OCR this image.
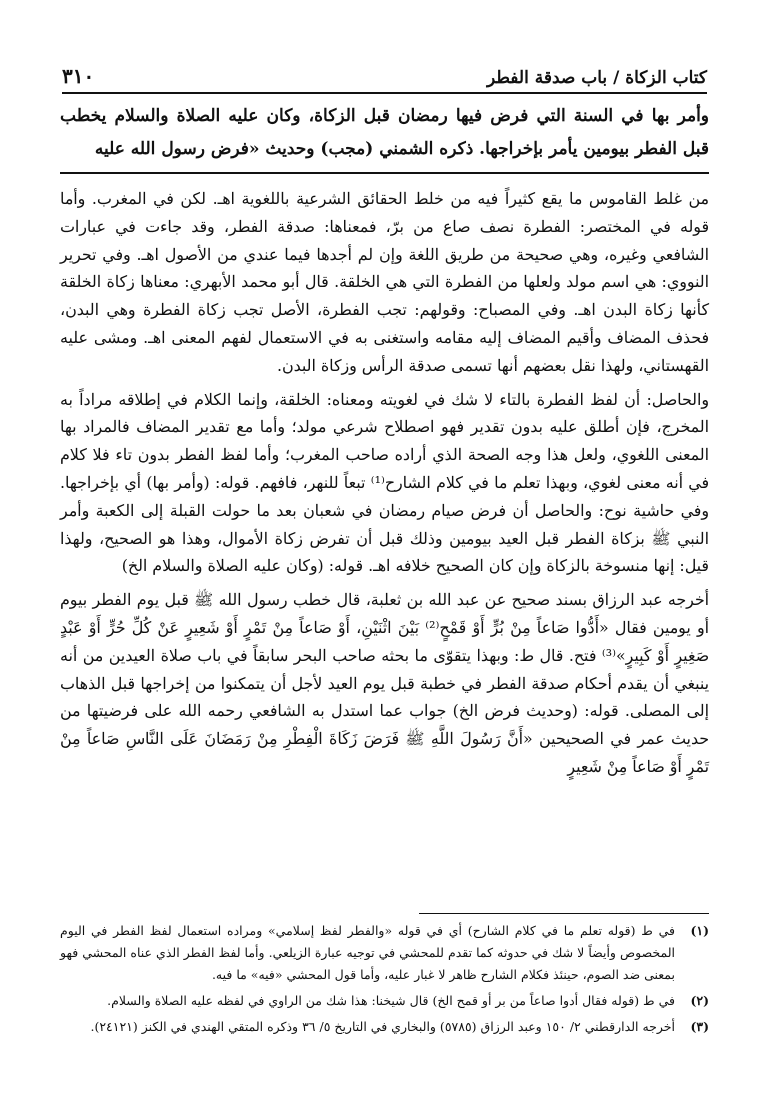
كتاب الزكاة / باب صدقة الفطر
٣١٠
وأمر بها في السنة التي فرض فيها رمضان قبل الزكاة، وكان عليه الصلاة والسلام يخطب قبل الفطر بيومين يأمر بإخراجها. ذكره الشمني (مجب) وحديث «فرض رسول الله عليه

من غلط القاموس ما يقع كثيراً فيه من خلط الحقائق الشرعية باللغوية اهـ. لكن في المغرب. وأما قوله في المختصر: الفطرة نصف صاع من برّ، فمعناها: صدقة الفطر، وقد جاءت في عبارات الشافعي وغيره، وهي صحيحة من طريق اللغة وإن لم أجدها فيما عندي من الأصول اهـ. وفي تحرير النووي: هي اسم مولد ولعلها من الفطرة التي هي الخلقة. قال أبو محمد الأبهري: معناها زكاة الخلقة كأنها زكاة البدن اهـ. وفي المصباح: وقولهم: تجب الفطرة، الأصل تجب زكاة الفطرة وهي البدن، فحذف المضاف وأقيم المضاف إليه مقامه واستغنى به في الاستعمال لفهم المعنى اهـ. ومشى عليه القهستاني، ولهذا نقل بعضهم أنها تسمى صدقة الرأس وزكاة البدن.

والحاصل: أن لفظ الفطرة بالتاء لا شك في لغويته ومعناه: الخلقة، وإنما الكلام في إطلاقه مراداً به المخرج، فإن أطلق عليه بدون تقدير فهو اصطلاح شرعي مولد؛ وأما مع تقدير المضاف فالمراد بها المعنى اللغوي، ولعل هذا وجه الصحة الذي أراده صاحب المغرب؛ وأما لفظ الفطر بدون تاء فلا كلام في أنه معنى لغوي، وبهذا تعلم ما في كلام الشارح⁽¹⁾ تبعاً للنهر، فافهم. قوله: (وأمر بها) أي بإخراجها. وفي حاشية نوح: والحاصل أن فرض صيام رمضان في شعبان بعد ما حولت القبلة إلى الكعبة وأمر النبي ﷺ بزكاة الفطر قبل العيد بيومين وذلك قبل أن تفرض زكاة الأموال، وهذا هو الصحيح، ولهذا قيل: إنها منسوخة بالزكاة وإن كان الصحيح خلافه اهـ. قوله: (وكان عليه الصلاة والسلام الخ)

أخرجه عبد الرزاق بسند صحيح عن عبد الله بن ثعلبة، قال خطب رسول الله ﷺ قبل يوم الفطر بيوم أو يومين فقال «أَدُّوا صَاعاً مِنْ بُرٍّ أَوْ قَمْحٍ⁽²⁾ بَيْنَ اثْنَيْنِ، أَوْ صَاعاً مِنْ تَمْرٍ أَوْ شَعِيرٍ عَنْ كُلِّ حُرٍّ أَوْ عَبْدٍ صَغِيرٍ أَوْ كَبِيرٍ»⁽³⁾ فتح. قال ط: وبهذا يتقوّى ما بحثه صاحب البحر سابقاً في باب صلاة العيدين من أنه ينبغي أن يقدم أحكام صدقة الفطر في خطبة قبل يوم العيد لأجل أن يتمكنوا من إخراجها قبل الذهاب إلى المصلى. قوله: (وحديث فرض الخ) جواب عما استدل به الشافعي رحمه الله على فرضيتها من حديث عمر في الصحيحين «أَنَّ رَسُولَ اللَّهِ ﷺ فَرَضَ زَكَاةَ الْفِطْرِ مِنْ رَمَضَانَ عَلَى النَّاسِ صَاعاً مِنْ تَمْرٍ أَوْ صَاعاً مِنْ شَعِيرٍ

(١)
في ط (قوله تعلم ما في كلام الشارح) أي في قوله «والفطر لفظ إسلامي» ومراده استعمال لفظ الفطر في اليوم المخصوص وأيضاً لا شك في حدوثه كما تقدم للمحشي في توجيه عبارة الزيلعي. وأما لفظ الفطر الذي عناه المحشي فهو بمعنى ضد الصوم، حينئذ فكلام الشارح ظاهر لا غبار عليه، وأما قول المحشي «فيه» ما فيه.
(٢)
في ط (قوله فقال أدوا صاعاً من بر أو قمح الخ) قال شيخنا: هذا شك من الراوي في لفظه عليه الصلاة والسلام.
(٣)
أخرجه الدارقطني ٢/ ١٥٠ وعبد الرزاق (٥٧٨٥) والبخاري في التاريخ ٥/ ٣٦ وذكره المتقي الهندي في الكنز (٢٤١٢١).
